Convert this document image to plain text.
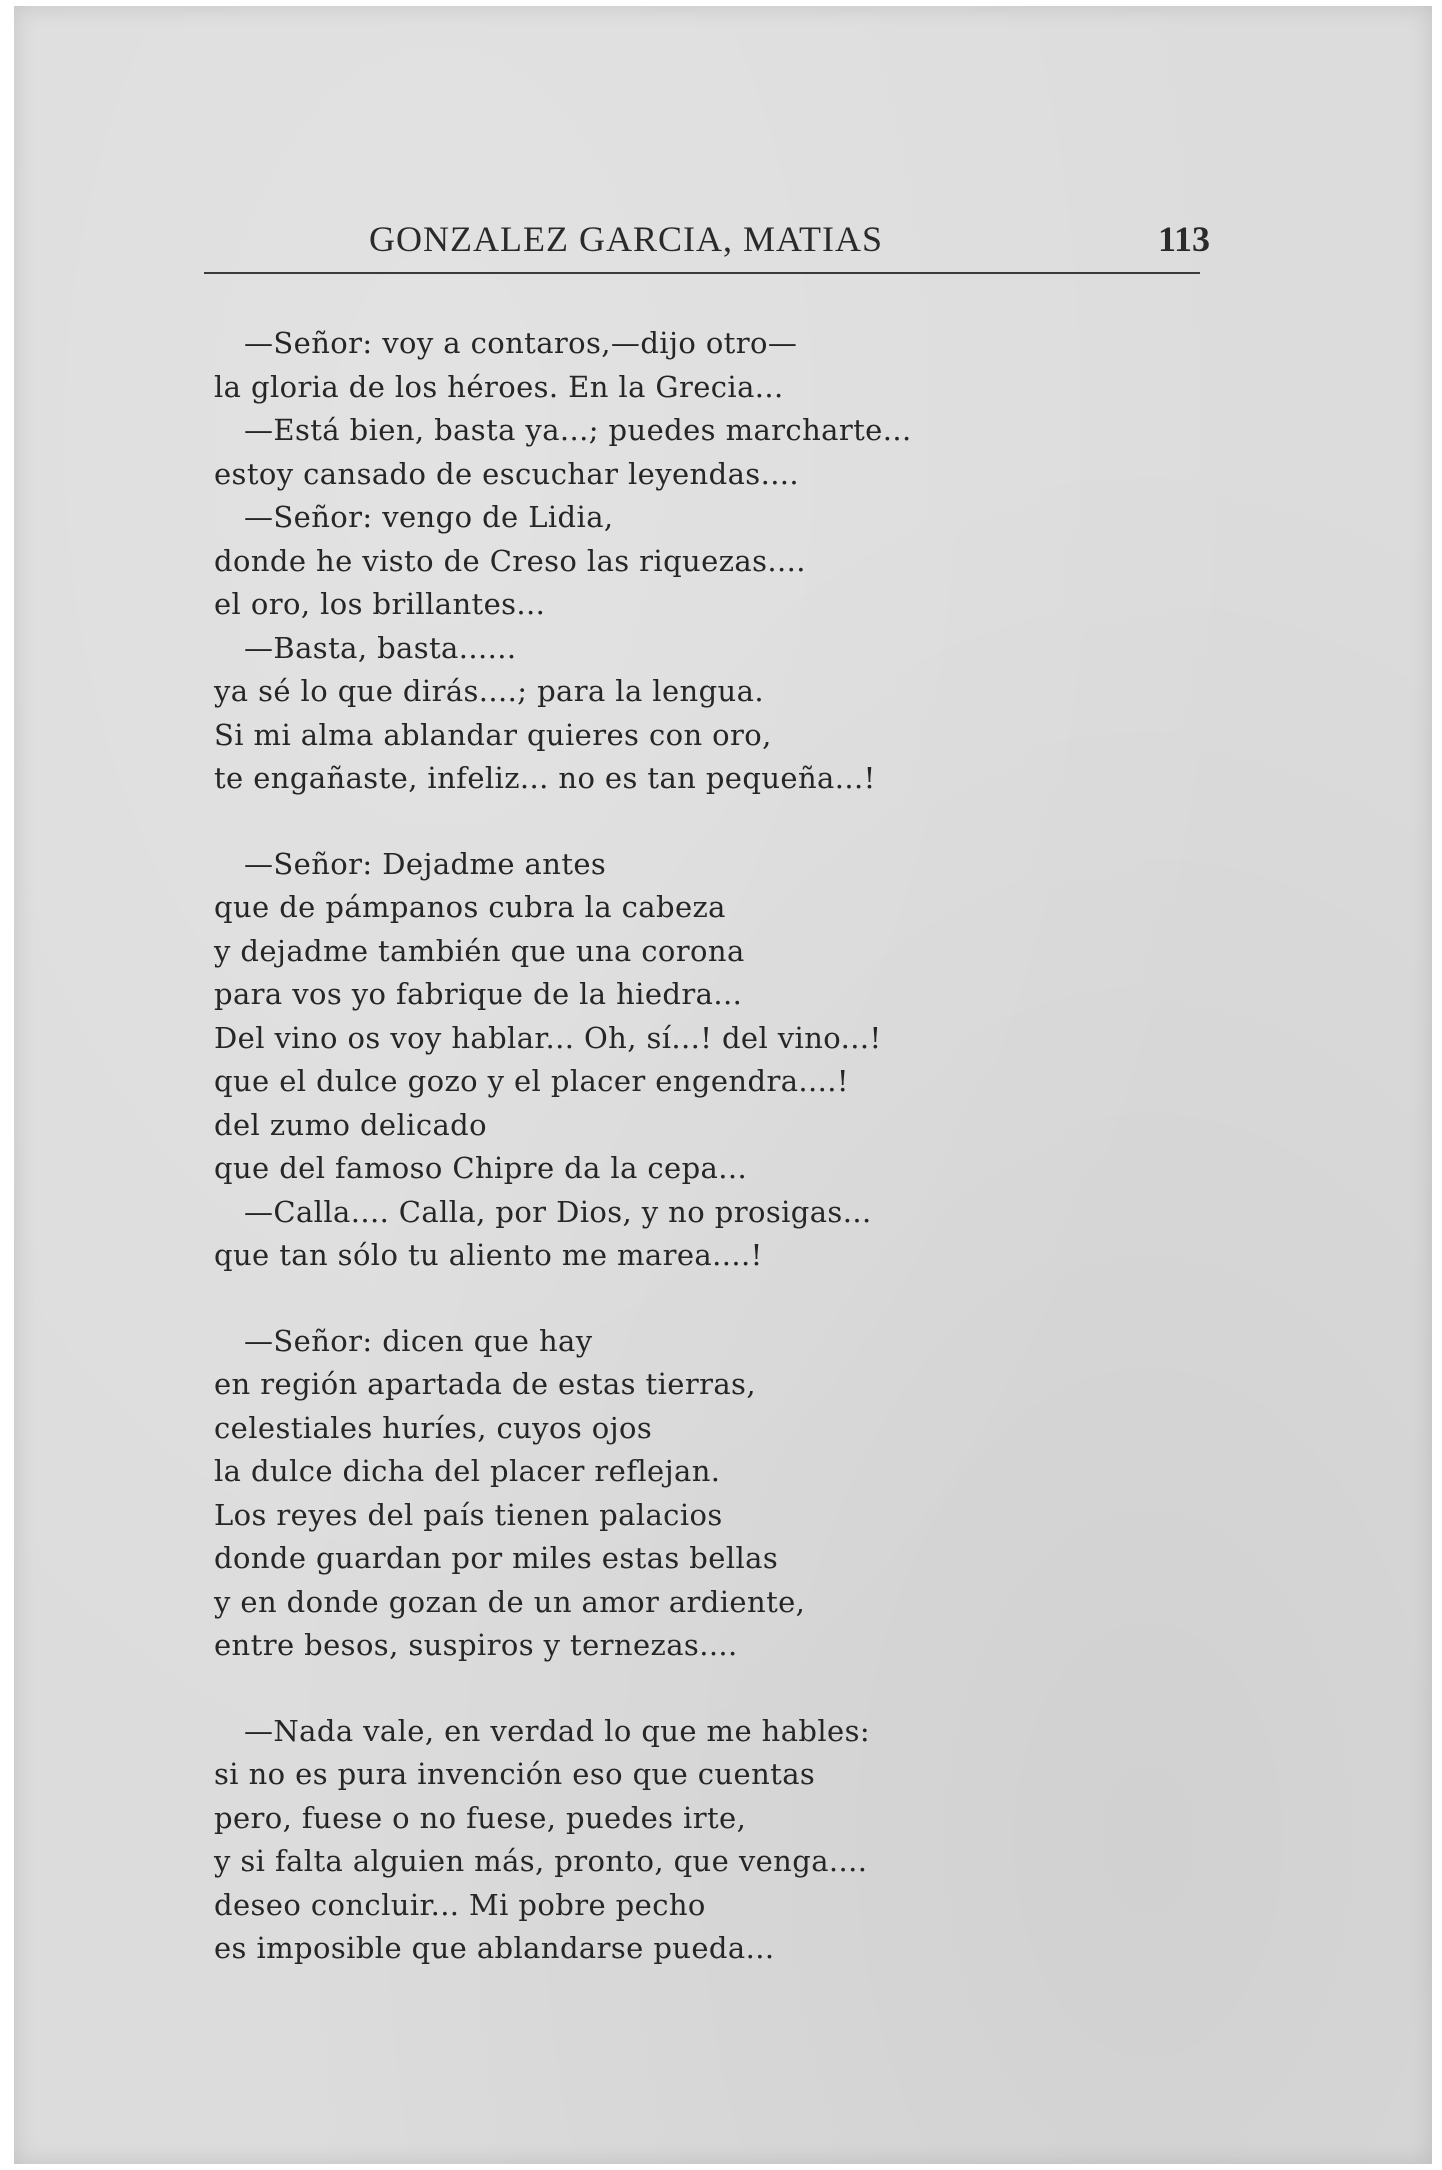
GONZALEZ GARCIA, MATIAS	113
—Señor: voy a contaros,—dijo otro—
la gloria de los héroes. En la Grecia...
—Está bien, basta ya...; puedes marcharte...
estoy cansado de escuchar leyendas....
—Señor: vengo de Lidia,
donde he visto de Creso las riquezas....
el oro, los brillantes...
—Basta, basta......
ya sé lo que dirás....; para la lengua.
Si mi alma ablandar quieres con oro,
te engañaste, infeliz... no es tan pequeña...!
—Señor: Dejadme antes
que de pámpanos cubra la cabeza
y dejadme también que una corona
para vos yo fabrique de la hiedra...
Del vino os voy hablar... Oh, sí...! del vino...!
que el dulce gozo y el placer engendra....!
del zumo delicado
que del famoso Chipre da la cepa...
—Calla.... Calla, por Dios, y no prosigas...
que tan sólo tu aliento me marea....!
—Señor: dicen que hay
en región apartada de estas tierras,
celestiales huríes, cuyos ojos
la dulce dicha del placer reflejan.
Los reyes del país tienen palacios
donde guardan por miles estas bellas
y en donde gozan de un amor ardiente,
entre besos, suspiros y ternezas....
—Nada vale, en verdad lo que me hables:
si no es pura invención eso que cuentas
pero, fuese o no fuese, puedes irte,
y si falta alguien más, pronto, que venga....
deseo concluir... Mi pobre pecho
es imposible que ablandarse pueda...
